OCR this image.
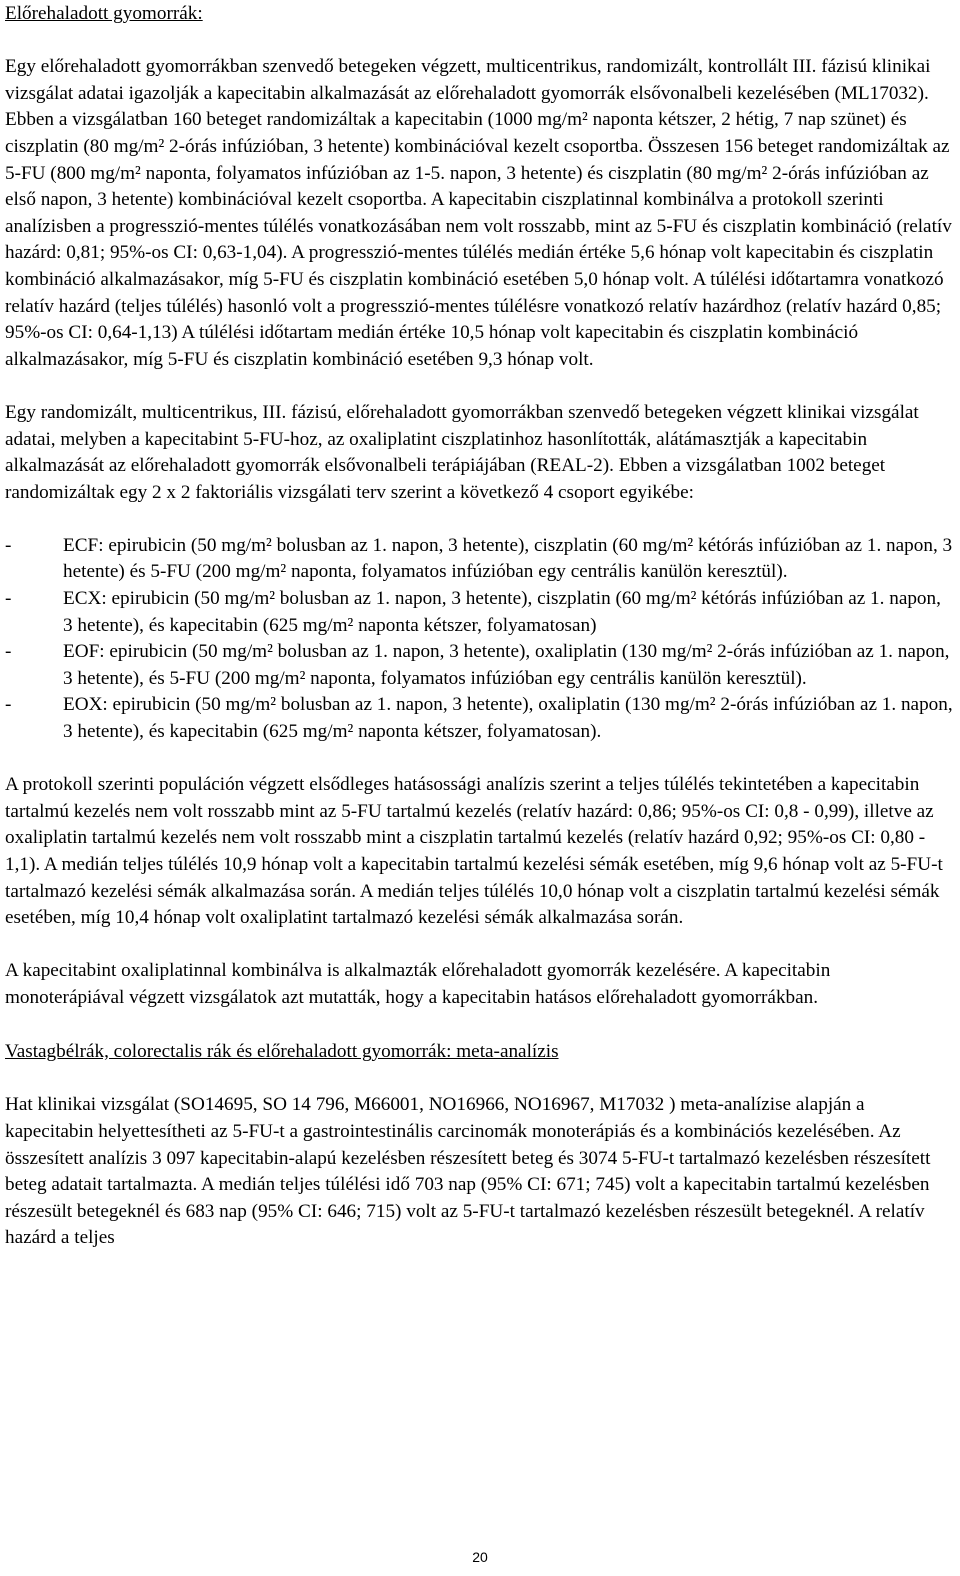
Előrehaladott gyomorrák:

Egy előrehaladott gyomorrákban szenvedő betegeken végzett, multicentrikus, randomizált, kontrollált III. fázisú klinikai vizsgálat adatai igazolják a kapecitabin alkalmazását az előrehaladott gyomorrák elsővonalbeli kezelésében (ML17032). Ebben a vizsgálatban 160 beteget randomizáltak a kapecitabin (1000 mg/m² naponta kétszer, 2 hétig, 7 nap szünet) és ciszplatin (80 mg/m² 2-órás infúzióban, 3 hetente) kombinációval kezelt csoportba. Összesen 156 beteget randomizáltak az 5-FU (800 mg/m² naponta, folyamatos infúzióban az 1-5. napon, 3 hetente) és ciszplatin (80 mg/m² 2-órás infúzióban az első napon, 3 hetente) kombinációval kezelt csoportba. A kapecitabin ciszplatinnal kombinálva a protokoll szerinti analízisben a progresszió-mentes túlélés vonatkozásában nem volt rosszabb, mint az 5-FU és ciszplatin kombináció (relatív hazárd: 0,81; 95%-os CI: 0,63-1,04). A progresszió-mentes túlélés medián értéke 5,6 hónap volt kapecitabin és ciszplatin kombináció alkalmazásakor, míg 5-FU és ciszplatin kombináció esetében 5,0 hónap volt. A túlélési időtartamra vonatkozó relatív hazárd (teljes túlélés) hasonló volt a progresszió-mentes túlélésre vonatkozó relatív hazárdhoz (relatív hazárd 0,85; 95%-os CI: 0,64-1,13) A túlélési időtartam medián értéke 10,5 hónap volt kapecitabin és ciszplatin kombináció alkalmazásakor, míg 5-FU és ciszplatin kombináció esetében 9,3 hónap volt.

Egy randomizált, multicentrikus, III. fázisú, előrehaladott gyomorrákban szenvedő betegeken végzett klinikai vizsgálat adatai, melyben a kapecitabint 5-FU-hoz, az oxaliplatint ciszplatinhoz hasonlították, alátámasztják a kapecitabin alkalmazását az előrehaladott gyomorrák elsővonalbeli terápiájában (REAL-2). Ebben a vizsgálatban 1002 beteget randomizáltak egy 2 x 2 faktoriális vizsgálati terv szerint a következő 4 csoport egyikébe:

-	ECF: epirubicin (50 mg/m² bolusban az 1. napon, 3 hetente), ciszplatin (60 mg/m² kétórás infúzióban az 1. napon, 3 hetente) és 5-FU (200 mg/m² naponta, folyamatos infúzióban egy centrális kanülön keresztül).
-	ECX: epirubicin (50 mg/m² bolusban az 1. napon, 3 hetente), ciszplatin (60 mg/m² kétórás infúzióban az 1. napon, 3 hetente), és kapecitabin (625 mg/m² naponta kétszer, folyamatosan)
-	EOF: epirubicin (50 mg/m² bolusban az 1. napon, 3 hetente), oxaliplatin (130 mg/m² 2-órás infúzióban az 1. napon, 3 hetente), és 5-FU (200 mg/m² naponta, folyamatos infúzióban egy centrális kanülön keresztül).
-	EOX: epirubicin (50 mg/m² bolusban az 1. napon, 3 hetente), oxaliplatin (130 mg/m² 2-órás infúzióban az 1. napon, 3 hetente), és kapecitabin (625 mg/m² naponta kétszer, folyamatosan).

A protokoll szerinti populáción végzett elsődleges hatásossági analízis szerint a teljes túlélés tekintetében a kapecitabin tartalmú kezelés nem volt rosszabb mint az 5-FU tartalmú kezelés (relatív hazárd: 0,86; 95%-os CI: 0,8 - 0,99), illetve az oxaliplatin tartalmú kezelés nem volt rosszabb mint a ciszplatin tartalmú kezelés (relatív hazárd 0,92; 95%-os CI: 0,80 - 1,1). A medián teljes túlélés 10,9 hónap volt a kapecitabin tartalmú kezelési sémák esetében, míg 9,6 hónap volt az 5-FU-t tartalmazó kezelési sémák alkalmazása során. A medián teljes túlélés 10,0 hónap volt a ciszplatin tartalmú kezelési sémák esetében, míg 10,4 hónap volt oxaliplatint tartalmazó kezelési sémák alkalmazása során.

A kapecitabint oxaliplatinnal kombinálva is alkalmazták előrehaladott gyomorrák kezelésére. A kapecitabin monoterápiával végzett vizsgálatok azt mutatták, hogy a kapecitabin hatásos előrehaladott gyomorrákban.

Vastagbélrák, colorectalis rák és előrehaladott gyomorrák: meta-analízis

Hat klinikai vizsgálat (SO14695, SO 14 796, M66001, NO16966, NO16967, M17032 ) meta-analízise alapján a kapecitabin helyettesítheti az 5-FU-t a gastrointestinális carcinomák monoterápiás és a kombinációs kezelésében. Az összesített analízis 3 097 kapecitabin-alapú kezelésben részesített beteg és 3074 5-FU-t tartalmazó kezelésben részesített beteg adatait tartalmazta. A medián teljes túlélési idő 703 nap (95% CI: 671; 745) volt a kapecitabin tartalmú kezelésben részesült betegeknél és 683 nap (95% CI: 646; 715) volt az 5-FU-t tartalmazó kezelésben részesült betegeknél. A relatív hazárd a teljes

20
